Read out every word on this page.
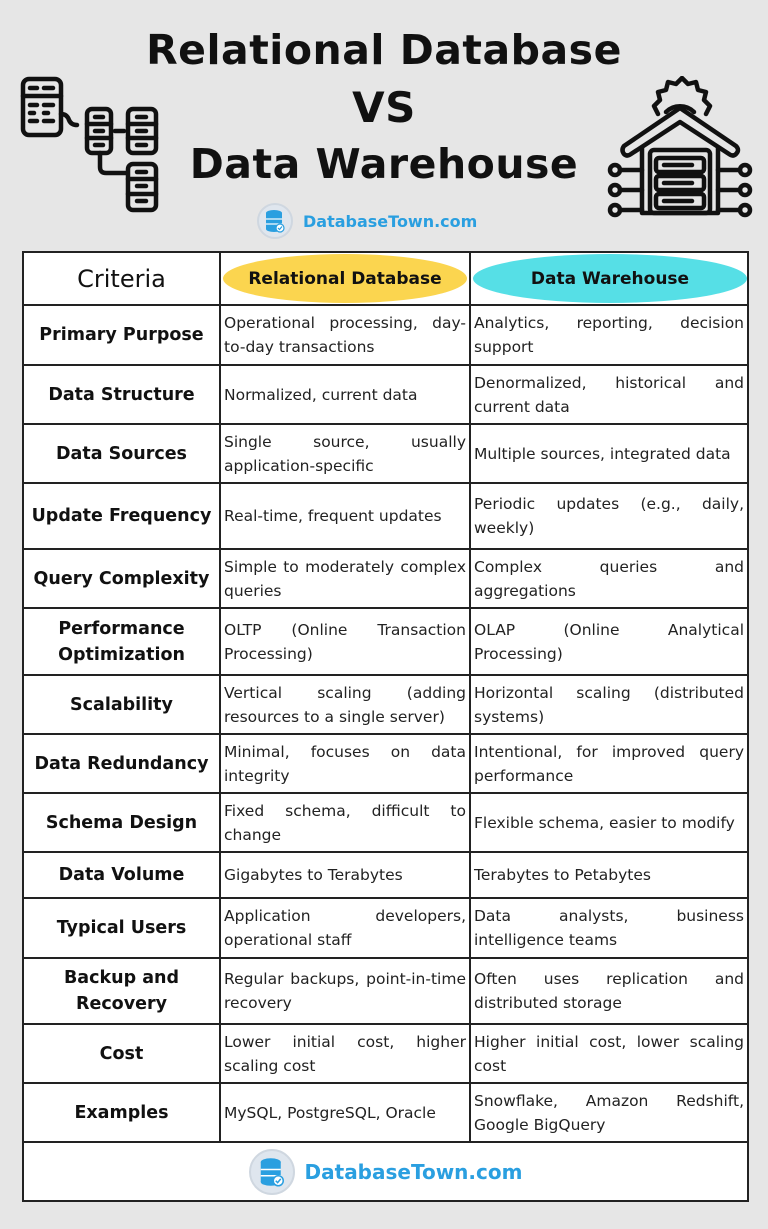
Relational Database
VS
Data Warehouse
DatabaseTown.com
Criteria	Relational Database	Data Warehouse

Primary Purpose	Operational processing, day-to-day transactions	Analytics, reporting, decision support
Data Structure	Normalized, current data	Denormalized, historical and current data
Data Sources	Single source, usually application-specific	Multiple sources, integrated data
Update Frequency	Real-time, frequent updates	Periodic updates (e.g., daily, weekly)
Query Complexity	Simple to moderately complex queries	Complex queries and aggregations
Performance Optimization	OLTP (Online Transaction Processing)	OLAP (Online Analytical Processing)
Scalability	Vertical scaling (adding resources to a single server)	Horizontal scaling (distributed systems)
Data Redundancy	Minimal, focuses on data integrity	Intentional, for improved query performance
Schema Design	Fixed schema, difficult to change	Flexible schema, easier to modify
Data Volume	Gigabytes to Terabytes	Terabytes to Petabytes
Typical Users	Application developers, operational staff	Data analysts, business intelligence teams
Backup and Recovery	Regular backups, point-in-time recovery	Often uses replication and distributed storage
Cost	Lower initial cost, higher scaling cost	Higher initial cost, lower scaling cost
Examples	MySQL, PostgreSQL, Oracle	Snowflake, Amazon Redshift, Google BigQuery

DatabaseTown.com		
